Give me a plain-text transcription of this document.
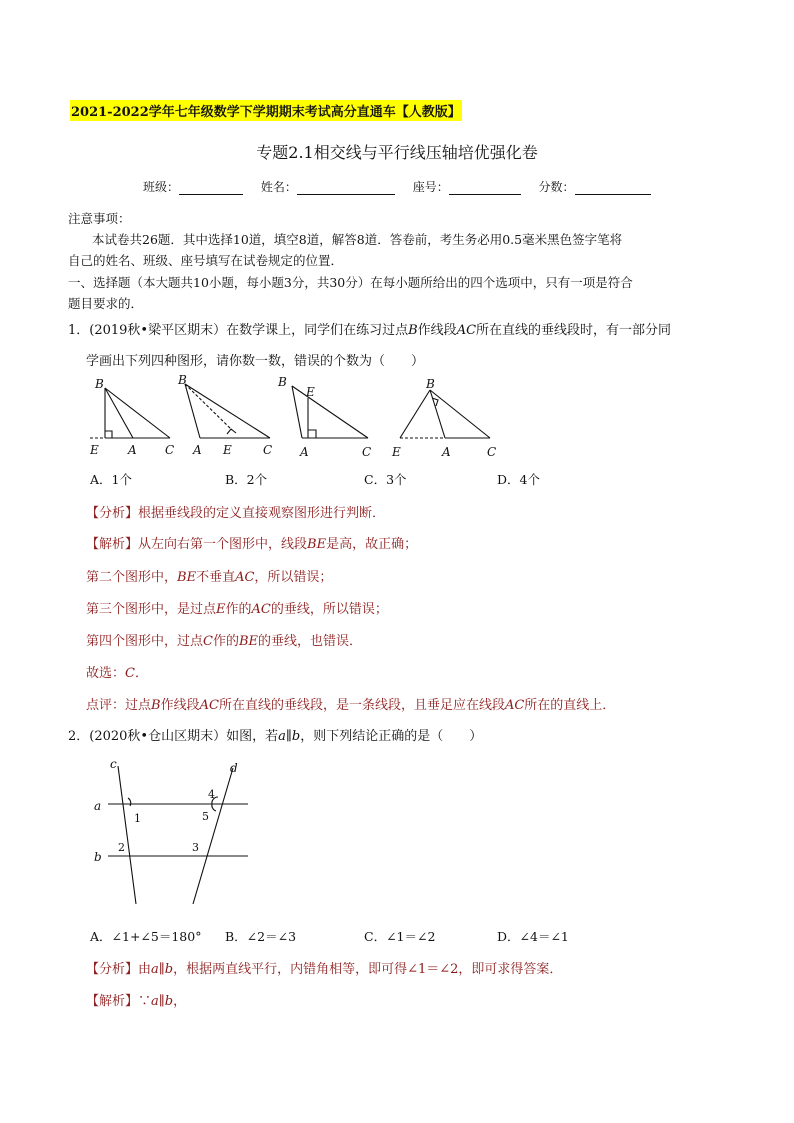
2021-2022学年七年级数学下学期期末考试高分直通车【人教版】
专题2.1相交线与平行线压轴培优强化卷
班级：	姓名：	座号：	分数：
注意事项：
本试卷共26题．其中选择10道，填空8道，解答8道．答卷前，考生务必用0.5毫米黑色签字笔将
自己的姓名、班级、座号填写在试卷规定的位置．
一、选择题（本大题共10小题，每小题3分，共30分）在每小题所给出的四个选项中，只有一项是符合
题目要求的．
1．(2019秋•梁平区期末）在数学课上，同学们在练习过点B作线段AC所在直线的垂线段时，有一部分同
学画出下列四种图形，请你数一数，错误的个数为（　　）
B
E A C
B
A E	C
B
E
A	C
B
E	A	C
A．1个	B．2个	C．3个	D．4个
【分析】根据垂线段的定义直接观察图形进行判断．
【解析】从左向右第一个图形中，线段BE是高，故正确；
第二个图形中，BE不垂直AC，所以错误；
第三个图形中，是过点E作的AC的垂线，所以错误；
第四个图形中，过点C作的BE的垂线，也错误．
故选：C．
点评：过点B作线段AC所在直线的垂线段，是一条线段，且垂足应在线段AC所在的直线上．
2．(2020秋•仓山区期末）如图，若a∥b，则下列结论正确的是（　　）
c	d
a
b
1
2	3
4
5
A．∠1+∠5＝180° B．∠2＝∠3	C．∠1＝∠2	D．∠4＝∠1
【分析】由a∥b，根据两直线平行，内错角相等，即可得∠1＝∠2，即可求得答案．
【解析】∵a∥b，
